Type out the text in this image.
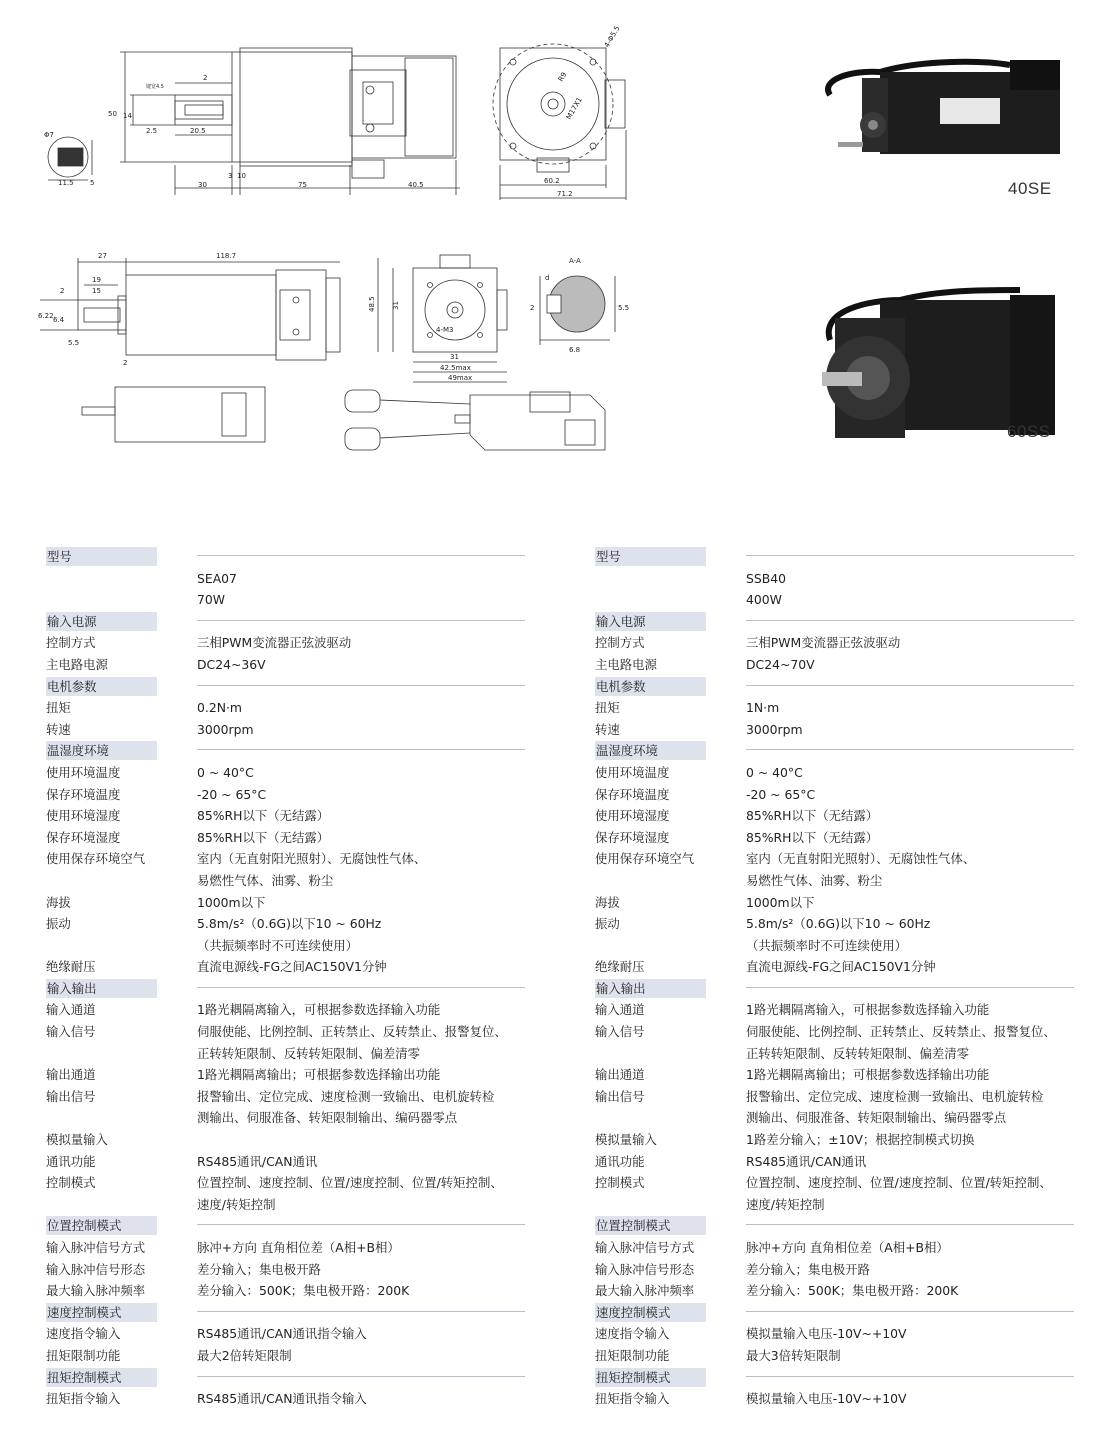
2
2.5	20.5
30
3 10
75	40.5
50 14
11.5 5
Φ7
键宽4.5
4-Φ5.5
60.2
71.2
R9
M17X1
27	118.7
19
15
2
5.5
2
6.22 6.4
48.5 31
4-M3
31
42.5max
49max
A-A
2	5.5
6.8
d
40SE
60SS
型号
SEA07
70W
输入电源
控制方式	三相PWM变流器正弦波驱动
主电路电源	DC24~36V
电机参数
扭矩	0.2N·m
转速	3000rpm
温湿度环境
使用环境温度	0 ~ 40°C
保存环境温度	-20 ~ 65°C
使用环境湿度	85%RH以下（无结露）
保存环境湿度	85%RH以下（无结露）
使用保存环境空气	室内（无直射阳光照射）、无腐蚀性气体、
易燃性气体、油雾、粉尘
海拔	1000m以下
振动	5.8m/s²（0.6G)以下10 ~ 60Hz
（共振频率时不可连续使用）
绝缘耐压	直流电源线-FG之间AC150V1分钟
输入输出
输入通道	1路光耦隔离输入，可根据参数选择输入功能
输入信号	伺服使能、比例控制、正转禁止、反转禁止、报警复位、
正转转矩限制、反转转矩限制、偏差清零
输出通道	1路光耦隔离输出；可根据参数选择输出功能
输出信号	报警输出、定位完成、速度检测一致输出、电机旋转检
测输出、伺服准备、转矩限制输出、编码器零点
模拟量输入
通讯功能	RS485通讯/CAN通讯
控制模式	位置控制、速度控制、位置/速度控制、位置/转矩控制、
速度/转矩控制
位置控制模式
输入脉冲信号方式	脉冲+方向 直角相位差（A相+B相）
输入脉冲信号形态	差分输入；集电极开路
最大输入脉冲频率	差分输入：500K；集电极开路：200K
速度控制模式
速度指令输入	RS485通讯/CAN通讯指令输入
扭矩限制功能	最大2倍转矩限制
扭矩控制模式
扭矩指令输入	RS485通讯/CAN通讯指令输入
型号
SSB40
400W
输入电源
控制方式	三相PWM变流器正弦波驱动
主电路电源	DC24~70V
电机参数
扭矩	1N·m
转速	3000rpm
温湿度环境
使用环境温度	0 ~ 40°C
保存环境温度	-20 ~ 65°C
使用环境湿度	85%RH以下（无结露）
保存环境湿度	85%RH以下（无结露）
使用保存环境空气	室内（无直射阳光照射）、无腐蚀性气体、
易燃性气体、油雾、粉尘
海拔	1000m以下
振动	5.8m/s²（0.6G)以下10 ~ 60Hz
（共振频率时不可连续使用）
绝缘耐压	直流电源线-FG之间AC150V1分钟
输入输出
输入通道	1路光耦隔离输入，可根据参数选择输入功能
输入信号	伺服使能、比例控制、正转禁止、反转禁止、报警复位、
正转转矩限制、反转转矩限制、偏差清零
输出通道	1路光耦隔离输出；可根据参数选择输出功能
输出信号	报警输出、定位完成、速度检测一致输出、电机旋转检
测输出、伺服准备、转矩限制输出、编码器零点
模拟量输入	1路差分输入；±10V；根据控制模式切换
通讯功能	RS485通讯/CAN通讯
控制模式	位置控制、速度控制、位置/速度控制、位置/转矩控制、
速度/转矩控制
位置控制模式
输入脉冲信号方式	脉冲+方向 直角相位差（A相+B相）
输入脉冲信号形态	差分输入；集电极开路
最大输入脉冲频率	差分输入：500K；集电极开路：200K
速度控制模式
速度指令输入	模拟量输入电压-10V~+10V
扭矩限制功能	最大3倍转矩限制
扭矩控制模式
扭矩指令输入	模拟量输入电压-10V~+10V
